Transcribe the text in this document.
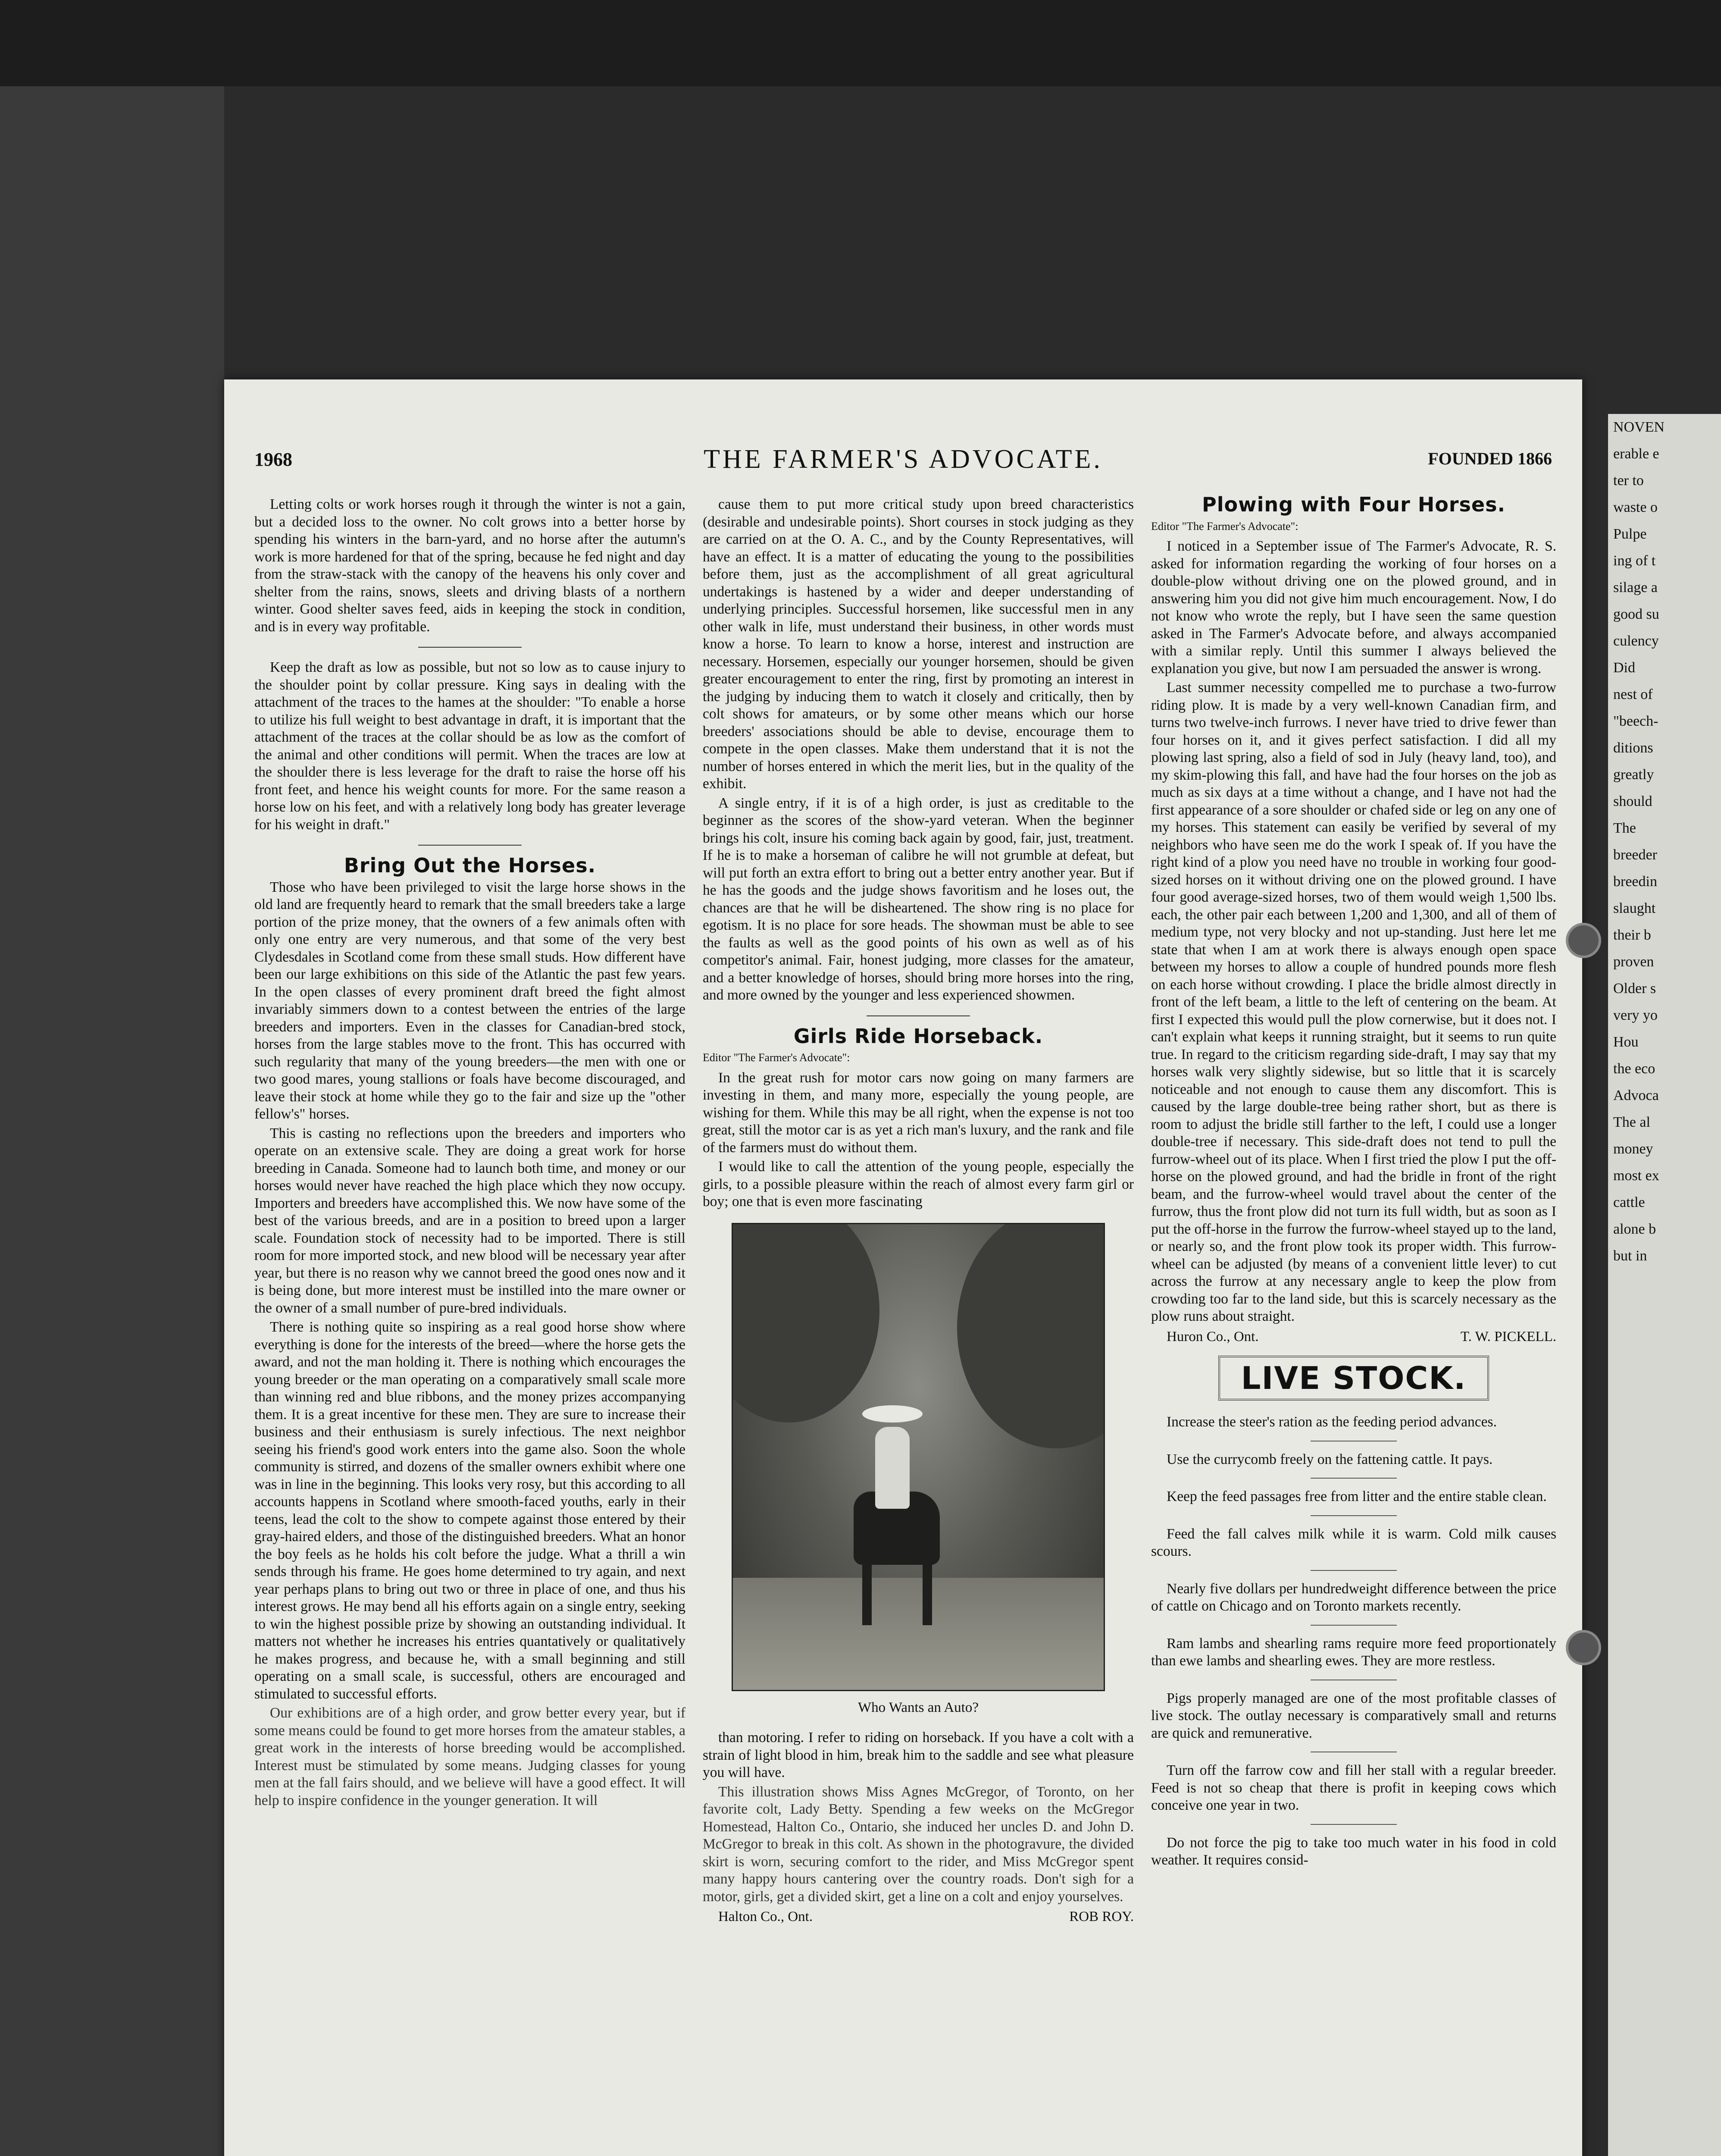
1968	THE FARMER'S ADVOCATE.	FOUNDED 1866

Letting colts or work horses rough it through the winter is not a gain, but a decided loss to the owner. No colt grows into a better horse by spending his winters in the barn-yard, and no horse after the autumn's work is more hardened for that of the spring, because he fed night and day from the straw-stack with the canopy of the heavens his only cover and shelter from the rains, snows, sleets and driving blasts of a northern winter. Good shelter saves feed, aids in keeping the stock in condition, and is in every way profitable.

Keep the draft as low as possible, but not so low as to cause injury to the shoulder point by collar pressure. King says in dealing with the attachment of the traces to the hames at the shoulder: "To enable a horse to utilize his full weight to best advantage in draft, it is important that the attachment of the traces at the collar should be as low as the comfort of the animal and other conditions will permit. When the traces are low at the shoulder there is less leverage for the draft to raise the horse off his front feet, and hence his weight counts for more. For the same reason a horse low on his feet, and with a relatively long body has greater leverage for his weight in draft."

Bring Out the Horses.

Those who have been privileged to visit the large horse shows in the old land are frequently heard to remark that the small breeders take a large portion of the prize money, that the owners of a few animals often with only one entry are very numerous, and that some of the very best Clydesdales in Scotland come from these small studs. How different have been our large exhibitions on this side of the Atlantic the past few years. In the open classes of every prominent draft breed the fight almost invariably simmers down to a contest between the entries of the large breeders and importers. Even in the classes for Canadian-bred stock, horses from the large stables move to the front. This has occurred with such regularity that many of the young breeders—the men with one or two good mares, young stallions or foals have become discouraged, and leave their stock at home while they go to the fair and size up the "other fellow's" horses.

This is casting no reflections upon the breeders and importers who operate on an extensive scale. They are doing a great work for horse breeding in Canada. Someone had to launch both time, and money or our horses would never have reached the high place which they now occupy. Importers and breeders have accomplished this. We now have some of the best of the various breeds, and are in a position to breed upon a larger scale. Foundation stock of necessity had to be imported. There is still room for more imported stock, and new blood will be necessary year after year, but there is no reason why we cannot breed the good ones now and it is being done, but more interest must be instilled into the mare owner or the owner of a small number of pure-bred individuals.

There is nothing quite so inspiring as a real good horse show where everything is done for the interests of the breed—where the horse gets the award, and not the man holding it. There is nothing which encourages the young breeder or the man operating on a comparatively small scale more than winning red and blue ribbons, and the money prizes accompanying them. It is a great incentive for these men. They are sure to increase their business and their enthusiasm is surely infectious. The next neighbor seeing his friend's good work enters into the game also. Soon the whole community is stirred, and dozens of the smaller owners exhibit where one was in line in the beginning. This looks very rosy, but this according to all accounts happens in Scotland where smooth-faced youths, early in their teens, lead the colt to the show to compete against those entered by their gray-haired elders, and those of the distinguished breeders. What an honor the boy feels as he holds his colt before the judge. What a thrill a win sends through his frame. He goes home determined to try again, and next year perhaps plans to bring out two or three in place of one, and thus his interest grows. He may bend all his efforts again on a single entry, seeking to win the highest possible prize by showing an outstanding individual. It matters not whether he increases his entries quantatively or qualitatively he makes progress, and because he, with a small beginning and still operating on a small scale, is successful, others are encouraged and stimulated to successful efforts.

Our exhibitions are of a high order, and grow better every year, but if some means could be found to get more horses from the amateur stables, a great work in the interests of horse breeding would be accomplished. Interest must be stimulated by some means. Judging classes for young men at the fall fairs should, and we believe will have a good effect. It will help to inspire confidence in the younger generation. It will

cause them to put more critical study upon breed characteristics (desirable and undesirable points). Short courses in stock judging as they are carried on at the O. A. C., and by the County Representatives, will have an effect. It is a matter of educating the young to the possibilities before them, just as the accomplishment of all great agricultural undertakings is hastened by a wider and deeper understanding of underlying principles. Successful horsemen, like successful men in any other walk in life, must understand their business, in other words must know a horse. To learn to know a horse, interest and instruction are necessary. Horsemen, especially our younger horsemen, should be given greater encouragement to enter the ring, first by promoting an interest in the judging by inducing them to watch it closely and critically, then by colt shows for amateurs, or by some other means which our horse breeders' associations should be able to devise, encourage them to compete in the open classes. Make them understand that it is not the number of horses entered in which the merit lies, but in the quality of the exhibit.

A single entry, if it is of a high order, is just as creditable to the beginner as the scores of the show-yard veteran. When the beginner brings his colt, insure his coming back again by good, fair, just, treatment. If he is to make a horseman of calibre he will not grumble at defeat, but will put forth an extra effort to bring out a better entry another year. But if he has the goods and the judge shows favoritism and he loses out, the chances are that he will be disheartened. The show ring is no place for egotism. It is no place for sore heads. The showman must be able to see the faults as well as the good points of his own as well as of his competitor's animal. Fair, honest judging, more classes for the amateur, and a better knowledge of horses, should bring more horses into the ring, and more owned by the younger and less experienced showmen.

Girls Ride Horseback.
Editor "The Farmer's Advocate":

In the great rush for motor cars now going on many farmers are investing in them, and many more, especially the young people, are wishing for them. While this may be all right, when the expense is not too great, still the motor car is as yet a rich man's luxury, and the rank and file of the farmers must do without them.

I would like to call the attention of the young people, especially the girls, to a possible pleasure within the reach of almost every farm girl or boy; one that is even more fascinating

Who Wants an Auto?

than motoring. I refer to riding on horseback. If you have a colt with a strain of light blood in him, break him to the saddle and see what pleasure you will have.

This illustration shows Miss Agnes McGregor, of Toronto, on her favorite colt, Lady Betty. Spending a few weeks on the McGregor Homestead, Halton Co., Ontario, she induced her uncles D. and John D. McGregor to break in this colt. As shown in the photogravure, the divided skirt is worn, securing comfort to the rider, and Miss McGregor spent many happy hours cantering over the country roads. Don't sigh for a motor, girls, get a divided skirt, get a line on a colt and enjoy yourselves.

Halton Co., Ont.	ROB ROY.
Plowing with Four Horses.
Editor "The Farmer's Advocate":

I noticed in a September issue of The Farmer's Advocate, R. S. asked for information regarding the working of four horses on a double-plow without driving one on the plowed ground, and in answering him you did not give him much encouragement. Now, I do not know who wrote the reply, but I have seen the same question asked in The Farmer's Advocate before, and always accompanied with a similar reply. Until this summer I always believed the explanation you give, but now I am persuaded the answer is wrong.

Last summer necessity compelled me to purchase a two-furrow riding plow. It is made by a very well-known Canadian firm, and turns two twelve-inch furrows. I never have tried to drive fewer than four horses on it, and it gives perfect satisfaction. I did all my plowing last spring, also a field of sod in July (heavy land, too), and my skim-plowing this fall, and have had the four horses on the job as much as six days at a time without a change, and I have not had the first appearance of a sore shoulder or chafed side or leg on any one of my horses. This statement can easily be verified by several of my neighbors who have seen me do the work I speak of. If you have the right kind of a plow you need have no trouble in working four good-sized horses on it without driving one on the plowed ground. I have four good average-sized horses, two of them would weigh 1,500 lbs. each, the other pair each between 1,200 and 1,300, and all of them of medium type, not very blocky and not up-standing. Just here let me state that when I am at work there is always enough open space between my horses to allow a couple of hundred pounds more flesh on each horse without crowding. I place the bridle almost directly in front of the left beam, a little to the left of centering on the beam. At first I expected this would pull the plow cornerwise, but it does not. I can't explain what keeps it running straight, but it seems to run quite true. In regard to the criticism regarding side-draft, I may say that my horses walk very slightly sidewise, but so little that it is scarcely noticeable and not enough to cause them any discomfort. This is caused by the large double-tree being rather short, but as there is room to adjust the bridle still farther to the left, I could use a longer double-tree if necessary. This side-draft does not tend to pull the furrow-wheel out of its place. When I first tried the plow I put the off-horse on the plowed ground, and had the bridle in front of the right beam, and the furrow-wheel would travel about the center of the furrow, thus the front plow did not turn its full width, but as soon as I put the off-horse in the furrow the furrow-wheel stayed up to the land, or nearly so, and the front plow took its proper width. This furrow-wheel can be adjusted (by means of a convenient little lever) to cut across the furrow at any necessary angle to keep the plow from crowding too far to the land side, but this is scarcely necessary as the plow runs about straight.

Huron Co., Ont.	T. W. PICKELL.
LIVE STOCK.

Increase the steer's ration as the feeding period advances.

Use the currycomb freely on the fattening cattle. It pays.

Keep the feed passages free from litter and the entire stable clean.

Feed the fall calves milk while it is warm. Cold milk causes scours.

Nearly five dollars per hundredweight difference between the price of cattle on Chicago and on Toronto markets recently.

Ram lambs and shearling rams require more feed proportionately than ewe lambs and shearling ewes. They are more restless.

Pigs properly managed are one of the most profitable classes of live stock. The outlay necessary is comparatively small and returns are quick and remunerative.

Turn off the farrow cow and fill her stall with a regular breeder. Feed is not so cheap that there is profit in keeping cows which conceive one year in two.

Do not force the pig to take too much water in his food in cold weather. It requires consid-

NOVEN
erable e
ter to
waste o
Pulpe
ing of t
silage a
good su
culency
Did
nest of
"beech-
ditions
greatly
should
The
breeder
breedin
slaught
their b
proven
Older s
very yo
Hou
the eco
Advoca
The al
money
most ex
cattle
alone b
but in
